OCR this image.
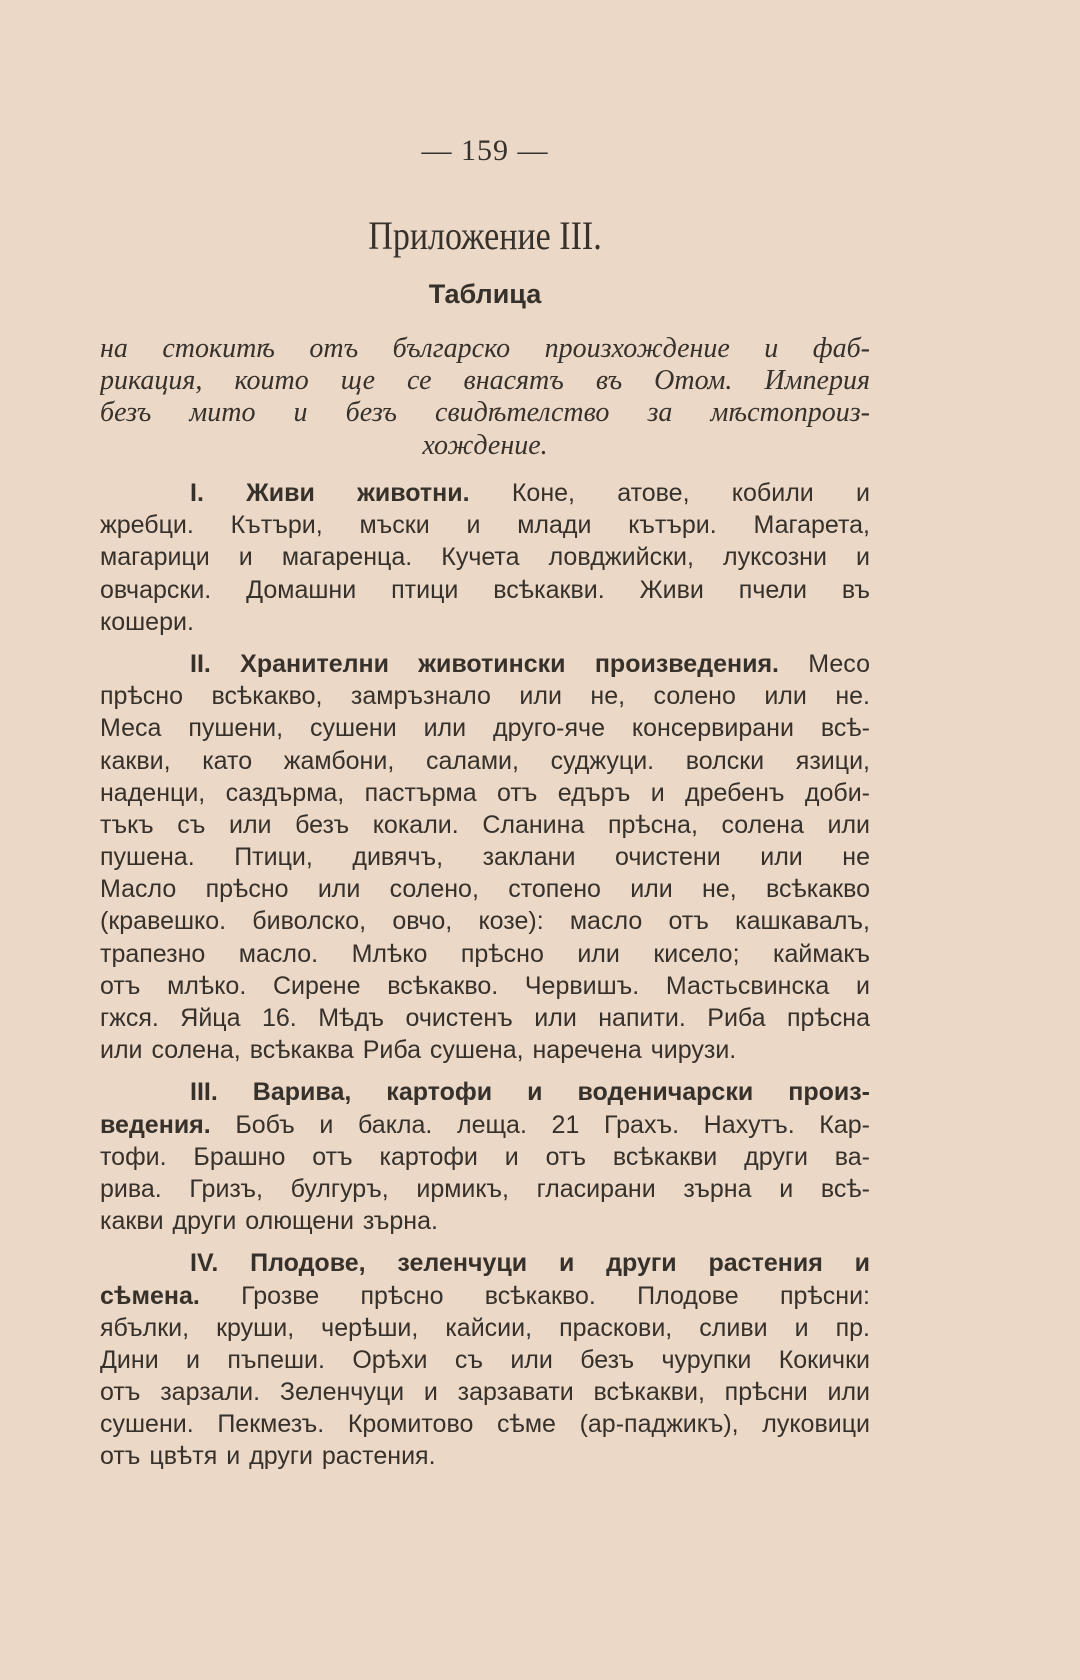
— 159 —
Приложение III.
Таблица
на стокитѣ отъ българско произхождение и фаб-
рикация, които ще се внасятъ въ Отом. Империя
безъ мито и безъ свидѣтелство за мѣстопроиз-
хождение.
I. Живи животни. Коне, атове, кобили и
жребци. Кътъри, мъски и млади кътъри. Магарета,
магарици и магаренца. Кучета ловджийски, луксозни и
овчарски. Домашни птици всѣкакви. Живи пчели въ
кошери.
II. Хранителни животински произведения. Месо
прѣсно всѣкакво, замръзнало или не, солено или не.
Меса пушени, сушени или друго-яче консервирани всѣ-
какви, като жамбони, салами, суджуци. волски язици,
наденци, саздърма, пастърма отъ едъръ и дребенъ доби-
тъкъ съ или безъ кокали. Сланина прѣсна, солена или
пушена. Птици, дивячъ, заклани очистени или не
Масло прѣсно или солено, стопено или не, всѣкакво
(кравешко. биволско, овчо, козе): масло отъ кашкавалъ,
трапезно масло. Млѣко прѣсно или кисело; каймакъ
отъ млѣко. Сирене всѣкакво. Червишъ. Мастьсвинска и
гжся. Яйца 16. Мѣдъ очистенъ или напити. Риба прѣсна
или солена, всѣкаква Риба сушена, наречена чирузи.
III. Варива, картофи и воденичарски произ-
ведения. Бобъ и бакла. леща. 21 Грахъ. Нахутъ. Кар-
тофи. Брашно отъ картофи и отъ всѣкакви други ва-
рива. Гризъ, булгуръ, ирмикъ, гласирани зърна и всѣ-
какви други олющени зърна.
IV. Плодове, зеленчуци и други растения и
сѣмена. Грозве прѣсно всѣкакво. Плодове прѣсни:
ябълки, круши, черѣши, кайсии, праскови, сливи и пр.
Дини и пъпеши. Орѣхи съ или безъ чурупки Кокички
отъ зарзали. Зеленчуци и зарзавати всѣкакви, прѣсни или
сушени. Пекмезъ. Кромитово сѣме (ар-паджикъ), луковици
отъ цвѣтя и други растения.
